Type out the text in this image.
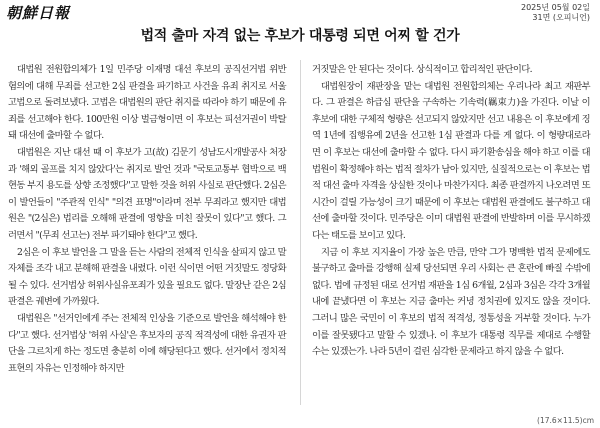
朝鮮日報	2025년 05월 02일
31면 (오피니언)
법적 출마 자격 없는 후보가 대통령 되면 어찌 할 건가

대법원 전원합의체가 1일 민주당 이재명 대선 후보의 공직선거법 위반 혐의에 대해 무죄를 선고한 2심 판결을 파기하고 사건을 유죄 취지로 서울고법으로 돌려보냈다. 고법은 대법원의 판단 취지를 따라야 하기 때문에 유죄를 선고해야 한다. 100만원 이상 벌금형이면 이 후보는 피선거권이 박탈돼 대선에 출마할 수 없다.

대법원은 지난 대선 때 이 후보가 고(故) 김문기 성남도시개발공사 처장과 '해외 골프를 치지 않았다'는 취지로 발언 것과 "국토교통부 협박으로 백현동 부지 용도를 상향 조정했다"고 말한 것을 허위 사실로 판단했다. 2심은 이 발언들이 "주관적 인식" "의견 표명"이라며 전부 무죄라고 했지만 대법원은 "(2심은) 법리를 오해해 판결에 영향을 미친 잘못이 있다"고 했다. 그러면서 "(무죄 선고는) 전부 파기돼야 한다"고 했다.

2심은 이 후보 발언을 그 말을 듣는 사람의 전체적 인식을 살피지 않고 말 자체를 조각 내고 분해해 판결을 내렸다. 이런 식이면 어떤 거짓말도 정당화될 수 있다. 선거법상 허위사실유포죄가 있을 필요도 없다. 말장난 같은 2심 판결은 궤변에 가까웠다.

대법원은 "선거인에게 주는 전체적 인상을 기준으로 발언을 해석해야 한다"고 했다. 선거법상 '허위 사실'은 후보자의 공직 적격성에 대한 유권자 판단을 그르치게 하는 정도면 충분히 이에 해당된다고 했다. 선거에서 정치적 표현의 자유는 인정해야 하지만

거짓말은 안 된다는 것이다. 상식적이고 합리적인 판단이다.

대법원장이 재판장을 맡는 대법원 전원합의체는 우리나라 최고 재판부다. 그 판결은 하급심 판단을 구속하는 기속력(羈束力)을 가진다. 이날 이 후보에 대한 구체적 형량은 선고되지 않았지만 선고 내용은 이 후보에게 징역 1년에 집행유예 2년을 선고한 1심 판결과 다를 게 없다. 이 형량대로라면 이 후보는 대선에 출마할 수 없다. 다시 파기환송심을 해야 하고 이를 대법원이 확정해야 하는 법적 절차가 남아 있지만, 실질적으로는 이 후보는 법적 대선 출마 자격을 상실한 것이나 마찬가지다. 최종 판결까지 나오려면 또 시간이 걸릴 가능성이 크기 때문에 이 후보는 대법원 판결에도 불구하고 대선에 출마할 것이다. 민주당은 이미 대법원 판결에 반발하며 이를 무시하겠다는 태도를 보이고 있다.

지금 이 후보 지지율이 가장 높은 만큼, 만약 그가 명백한 법적 문제에도 불구하고 출마를 강행해 실제 당선되면 우리 사회는 큰 혼란에 빠질 수밖에 없다. 법에 규정된 대로 선거법 재판을 1심 6개월, 2심과 3심은 각각 3개월 내에 끝냈다면 이 후보는 지금 출마는 커녕 정치권에 있지도 않을 것이다. 그러니 많은 국민이 이 후보의 법적 적격성, 정통성을 거부할 것이다. 누가 이를 잘못됐다고 말할 수 있겠나. 이 후보가 대통령 직무를 제대로 수행할 수는 있겠는가. 나라 5년이 걸린 심각한 문제라고 하지 않을 수 없다.

(17.6×11.5)cm
